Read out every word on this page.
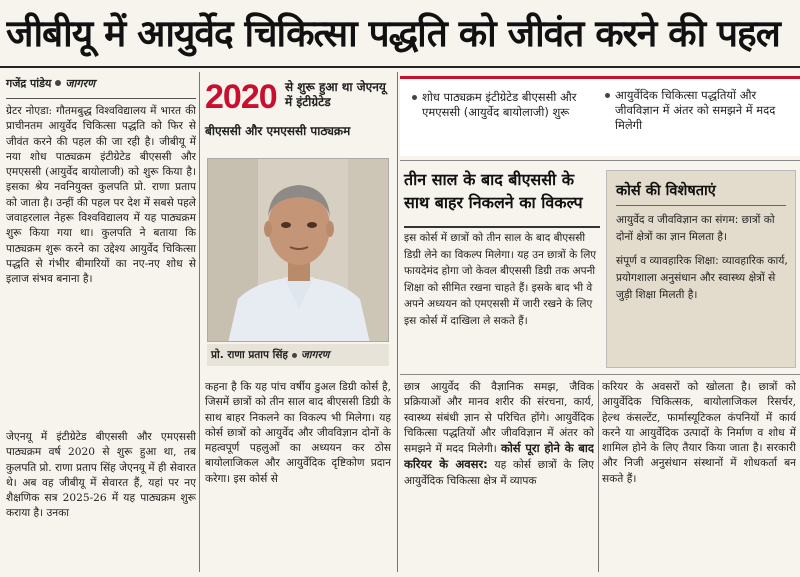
जीबीयू में आयुर्वेद चिकित्सा पद्धति को जीवंत करने की पहल
गजेंद्र पांडेय जागरण

ग्रेटर नोएडा: गौतमबुद्ध विश्वविद्यालय में भारत की प्राचीनतम आयुर्वेद चिकित्सा पद्धति को फिर से जीवंत करने की पहल की जा रही है। जीबीयू में नया शोध पाठ्यक्रम इंटीग्रेटेड बीएससी और एमएससी (आयुर्वेद बायोलाजी) को शुरू किया है। इसका श्रेय नवनियुक्त कुलपति प्रो. राणा प्रताप को जाता है। उन्हीं की पहल पर देश में सबसे पहले जवाहरलाल नेहरू विश्वविद्यालय में यह पाठ्यक्रम शुरू किया गया था। कुलपति ने बताया कि पाठ्यक्रम शुरू करने का उद्देश्य आयुर्वेद चिकित्सा पद्धति से गंभीर बीमारियों का नए-नए शोध से इलाज संभव बनाना है।

जेएनयू में इंटीग्रेटेड बीएससी और एमएससी पाठ्यक्रम वर्ष 2020 से शुरू हुआ था, तब कुलपति प्रो. राणा प्रताप सिंह जेएनयू में ही सेवारत थे। अब वह जीबीयू में सेवारत हैं, यहां पर नए शैक्षणिक सत्र 2025-26 में यह पाठ्यक्रम शुरू कराया है। उनका

2020 से शुरू हुआ था जेएनयू में इंटीग्रेटेड
बीएससी और एमएससी पाठ्यक्रम
प्रो. राणा प्रताप सिंह जागरण

कहना है कि यह पांच वर्षीय डुअल डिग्री कोर्स है, जिसमें छात्रों को तीन साल बाद बीएससी डिग्री के साथ बाहर निकलने का विकल्प भी मिलेगा। यह कोर्स छात्रों को आयुर्वेद और जीवविज्ञान दोनों के महत्वपूर्ण पहलुओं का अध्ययन कर ठोस बायोलाजिकल और आयुर्वेदिक दृष्टिकोण प्रदान करेगा। इस कोर्स से

शोध पाठ्यक्रम इंटीग्रेटेड बीएससी और एमएससी (आयुर्वेद बायोलाजी) शुरू
आयुर्वेदिक चिकित्सा पद्धतियों और जीवविज्ञान में अंतर को समझने में मदद मिलेगी
तीन साल के बाद बीएससी के साथ बाहर निकलने का विकल्प
इस कोर्स में छात्रों को तीन साल के बाद बीएससी डिग्री लेने का विकल्प मिलेगा। यह उन छात्रों के लिए फायदेमंद होगा जो केवल बीएससी डिग्री तक अपनी शिक्षा को सीमित रखना चाहते हैं। इसके बाद भी वे अपने अध्ययन को एमएससी में जारी रखने के लिए इस कोर्स में दाखिला ले सकते हैं।
कोर्स की विशेषताएं

आयुर्वेद व जीवविज्ञान का संगम: छात्रों को दोनों क्षेत्रों का ज्ञान मिलता है।

संपूर्ण व व्यावहारिक शिक्षा: व्यावहारिक कार्य, प्रयोगशाला अनुसंधान और स्वास्थ्य क्षेत्रों से जुड़ी शिक्षा मिलती है।

छात्र आयुर्वेद की वैज्ञानिक समझ, जैविक प्रक्रियाओं और मानव शरीर की संरचना, कार्य, स्वास्थ्य संबंधी ज्ञान से परिचित होंगे। आयुर्वेदिक चिकित्सा पद्धतियों और जीवविज्ञान में अंतर को समझने में मदद मिलेगी। कोर्स पूरा होने के बाद करियर के अवसर: यह कोर्स छात्रों के लिए आयुर्वेदिक चिकित्सा क्षेत्र में व्यापक

करियर के अवसरों को खोलता है। छात्रों को आयुर्वेदिक चिकित्सक, बायोलाजिकल रिसर्चर, हेल्थ कंसल्टेंट, फार्मास्यूटिकल कंपनियों में कार्य करने या आयुर्वेदिक उत्पादों के निर्माण व शोध में शामिल होने के लिए तैयार किया जाता है। सरकारी और निजी अनुसंधान संस्थानों में शोधकर्ता बन सकते हैं।
